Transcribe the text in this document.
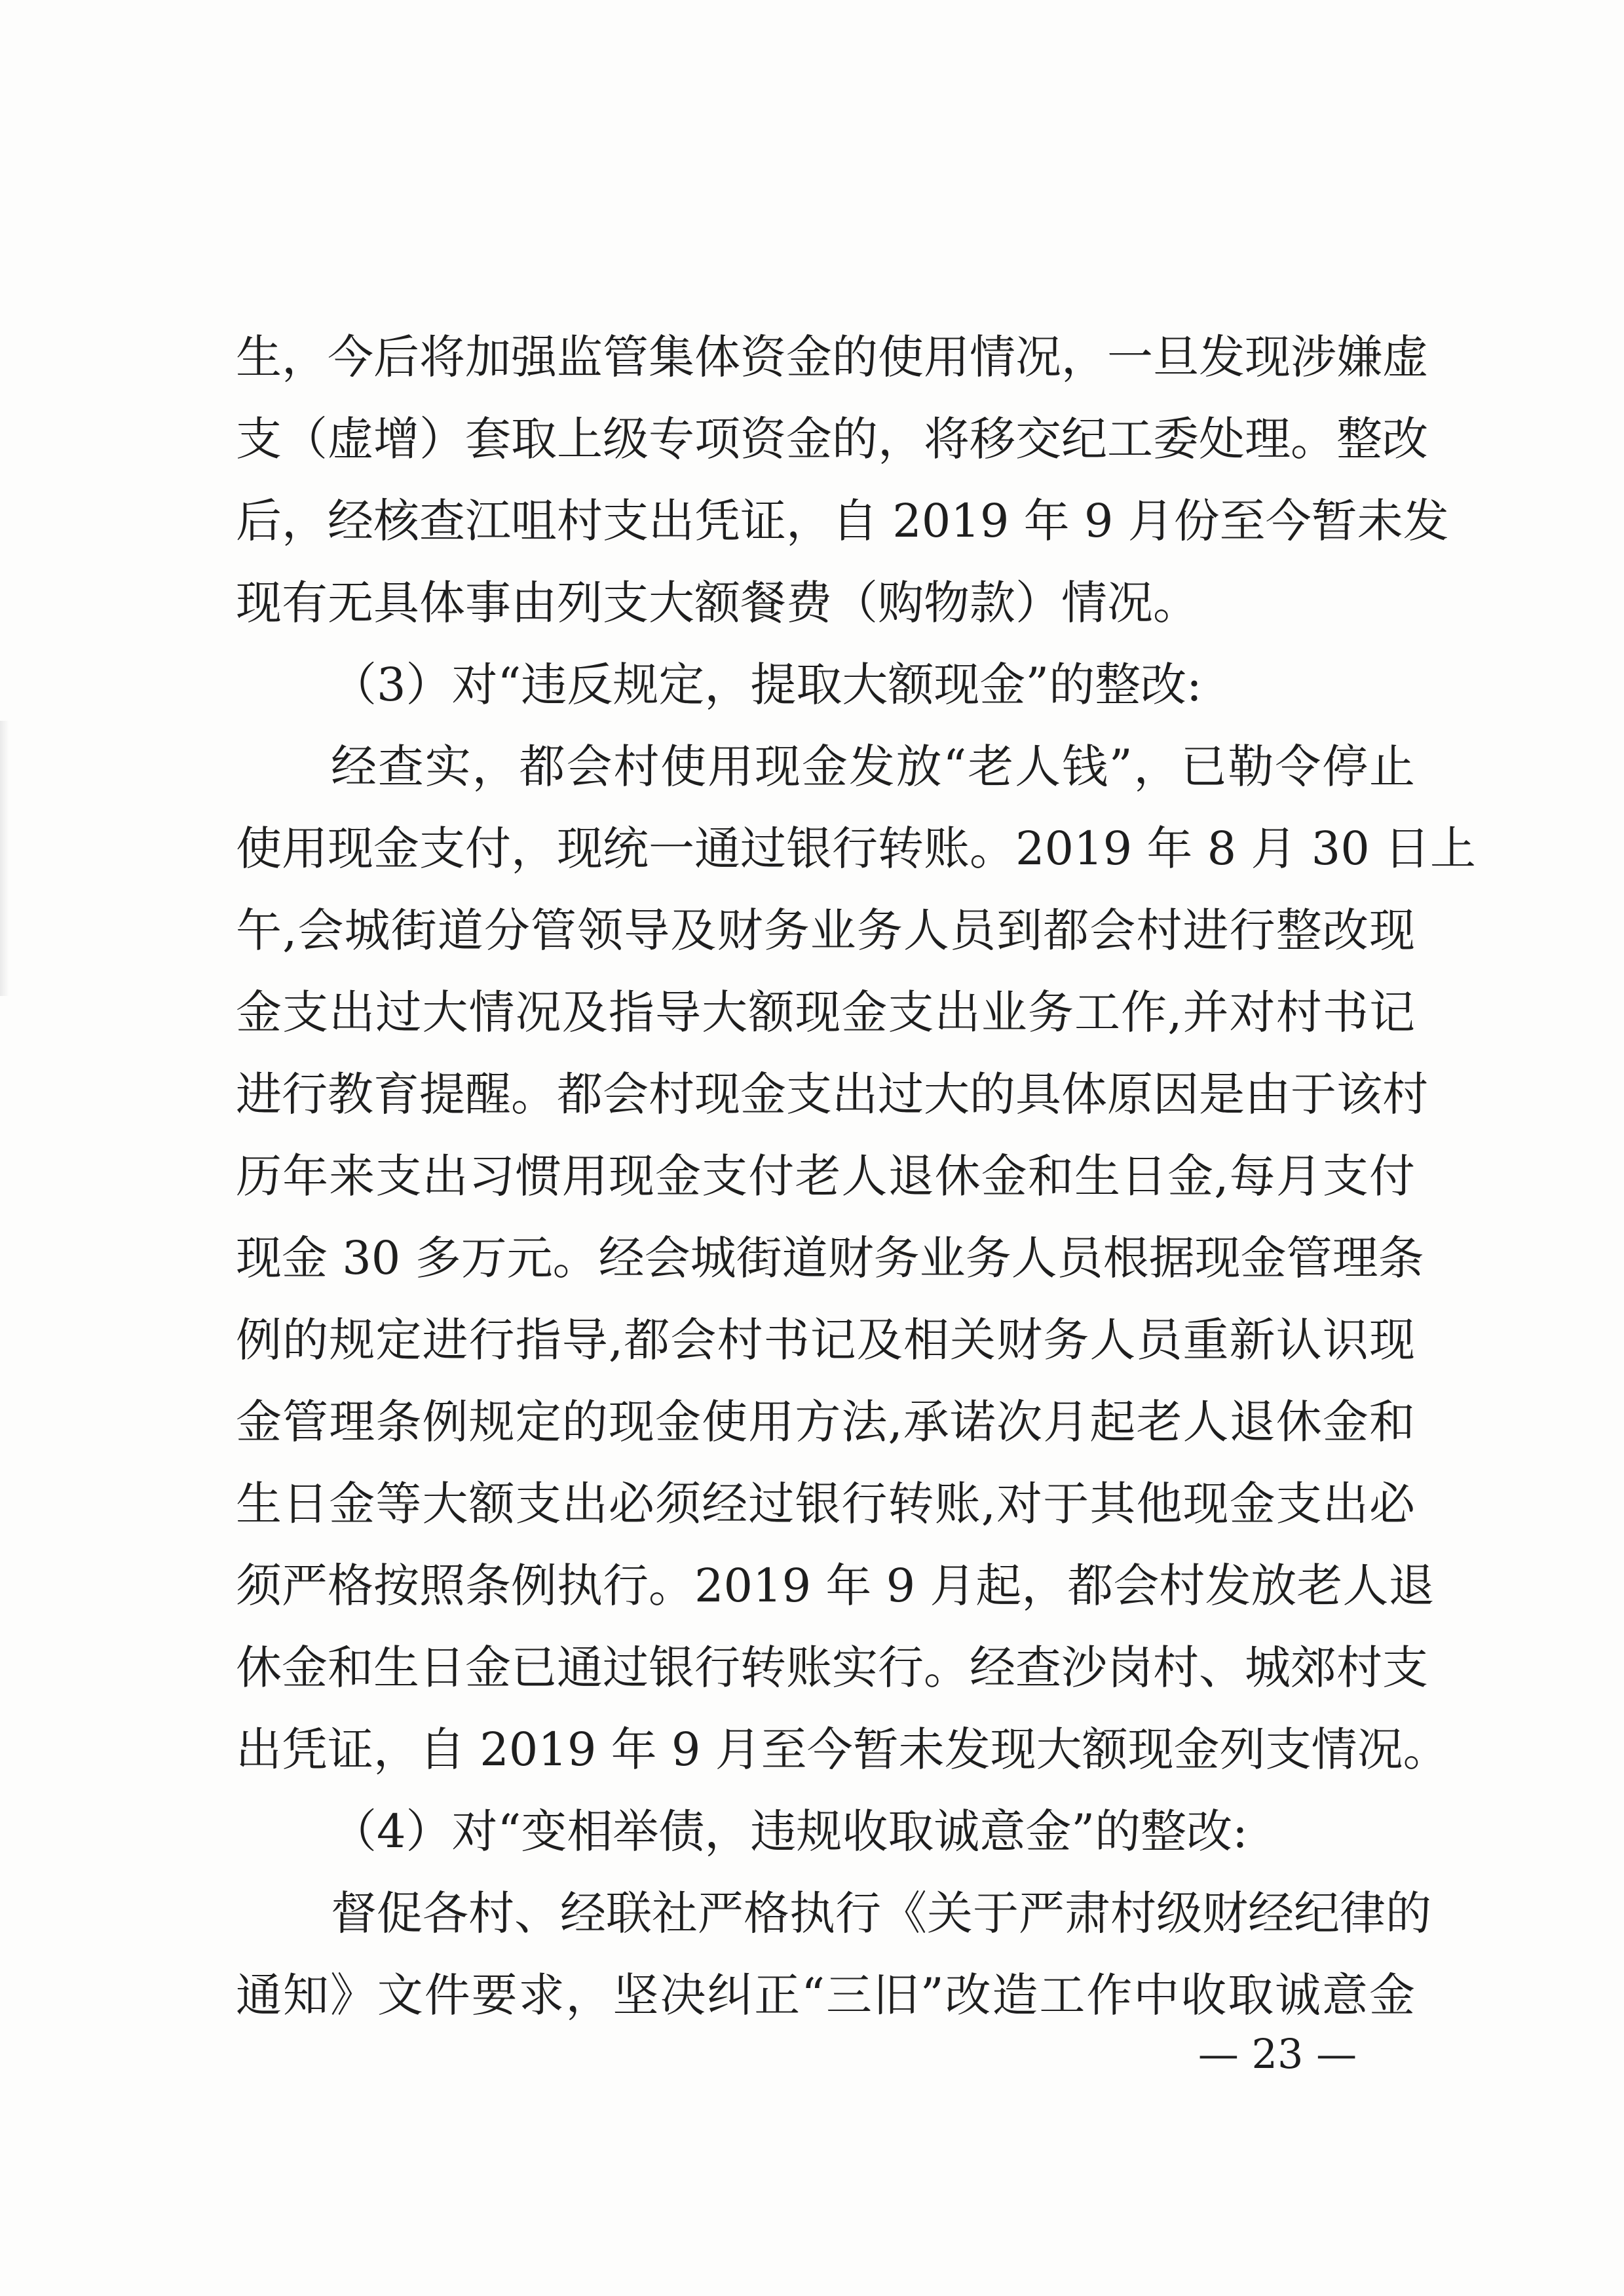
生，今后将加强监管集体资金的使用情况，一旦发现涉嫌虚
支（虚增）套取上级专项资金的，将移交纪工委处理。整改
后，经核查江咀村支出凭证，自 2019 年 9 月份至今暂未发
现有无具体事由列支大额餐费（购物款）情况。
（3）对“违反规定，提取大额现金”的整改:
经查实，都会村使用现金发放“老人钱”，已勒令停止
使用现金支付，现统一通过银行转账。2019 年 8 月 30 日上
午,会城街道分管领导及财务业务人员到都会村进行整改现
金支出过大情况及指导大额现金支出业务工作,并对村书记
进行教育提醒。都会村现金支出过大的具体原因是由于该村
历年来支出习惯用现金支付老人退休金和生日金,每月支付
现金 30 多万元。经会城街道财务业务人员根据现金管理条
例的规定进行指导,都会村书记及相关财务人员重新认识现
金管理条例规定的现金使用方法,承诺次月起老人退休金和
生日金等大额支出必须经过银行转账,对于其他现金支出必
须严格按照条例执行。2019 年 9 月起，都会村发放老人退
休金和生日金已通过银行转账实行。经查沙岗村、城郊村支
出凭证，自 2019 年 9 月至今暂未发现大额现金列支情况。
（4）对“变相举债，违规收取诚意金”的整改:
督促各村、经联社严格执行《关于严肃村级财经纪律的
通知》文件要求，坚决纠正“三旧”改造工作中收取诚意金
— 23 —
